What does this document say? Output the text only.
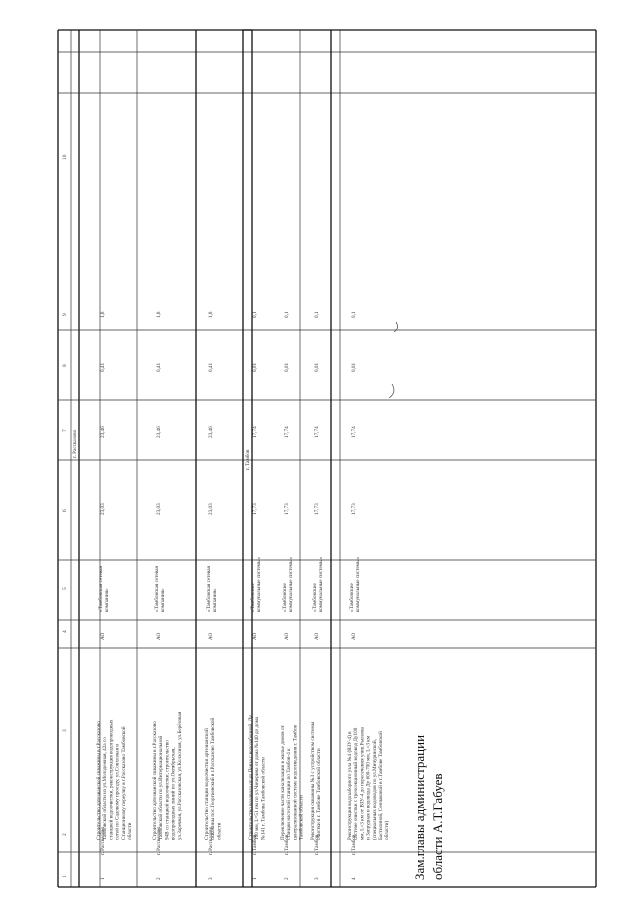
1
2
3
4
5
6
7
8
9
10
г. Рассказово
г. Тамбов
1
г. Рассказово
Строительство артезианской скважины в г.Рассказово Тамбовской области из ул.Молодежная, 42а со станцией водоочистки, реконструкция водопроводных сетей по Садовому проезду, ул.Совхозная и Станционному переулку в г.Рассказово Тамбовской области
АО
«Тамбовская сетевая компания»
23,03
23,46
0,41
1,8
2
г. Рассказово
Строительство артезианской скважины в г.Рассказово Тамбовской области по ул.Интернациональной 94В со станцией водоочистки, строительство водопроводных линий по ул.Октябрьская, ул.Заречная, ул.Рассказовская, ул.Колхозная, ул.Берёзовая
АО
«Тамбовская сетевая компания»
23,03
23,46
0,41
1,8
3
г. Рассказово
Строительство станции водоочистки артезианской скважины пос.Георгиевский в г.Рассказово Тамбовской области
АО
«Тамбовская сетевая компания»
23,03
23,46
0,41
1,8
1
г. Тамбов
Строительство водовода от ул.Пенза с водозаборной, Ду 100 мм, L=51 пм по ул.Чичерина от дома №140 до дома №141 г. Тамбова Тамбовской области
АО
«Тамбовские коммунальные системы»
17,73
17,74
0,01
0,1
2
г. Тамбов
Переключение части канализации в жилье домов от станции насосной станции по Тамбов-4 к централизованной системе водоотведения г. Тамбов Тамбовской области
АО
«Тамбовские коммунальные системы»
17,73
17,74
0,01
0,1
3
г. Тамбов
Реконструкция скважины №3 с устройством системы очистки в г. Тамбове Тамбовской области
АО
«Тамбовские коммунальные системы»
17,73
17,74
0,01
0,1
4
г. Тамбов
Реконструкция водозаборного узла №4 (ВЗУ-4) в системе очистки с трехсекционный водовод Ду100 мм, L=3 км от ВЗУ-4 до пересечения улиц Рылеева и Запрудная и водовода Ду 600-700 мм, L=3 км (специальных водоводов по ул.Мичуринской, Бастионной, Сенчаковой в г.Тамбове Тамбовской области)
АО
«Тамбовские коммунальные системы»
17,73
17,74
0,01
0,1
Зам.главы администрации области А.Т.Габуев
